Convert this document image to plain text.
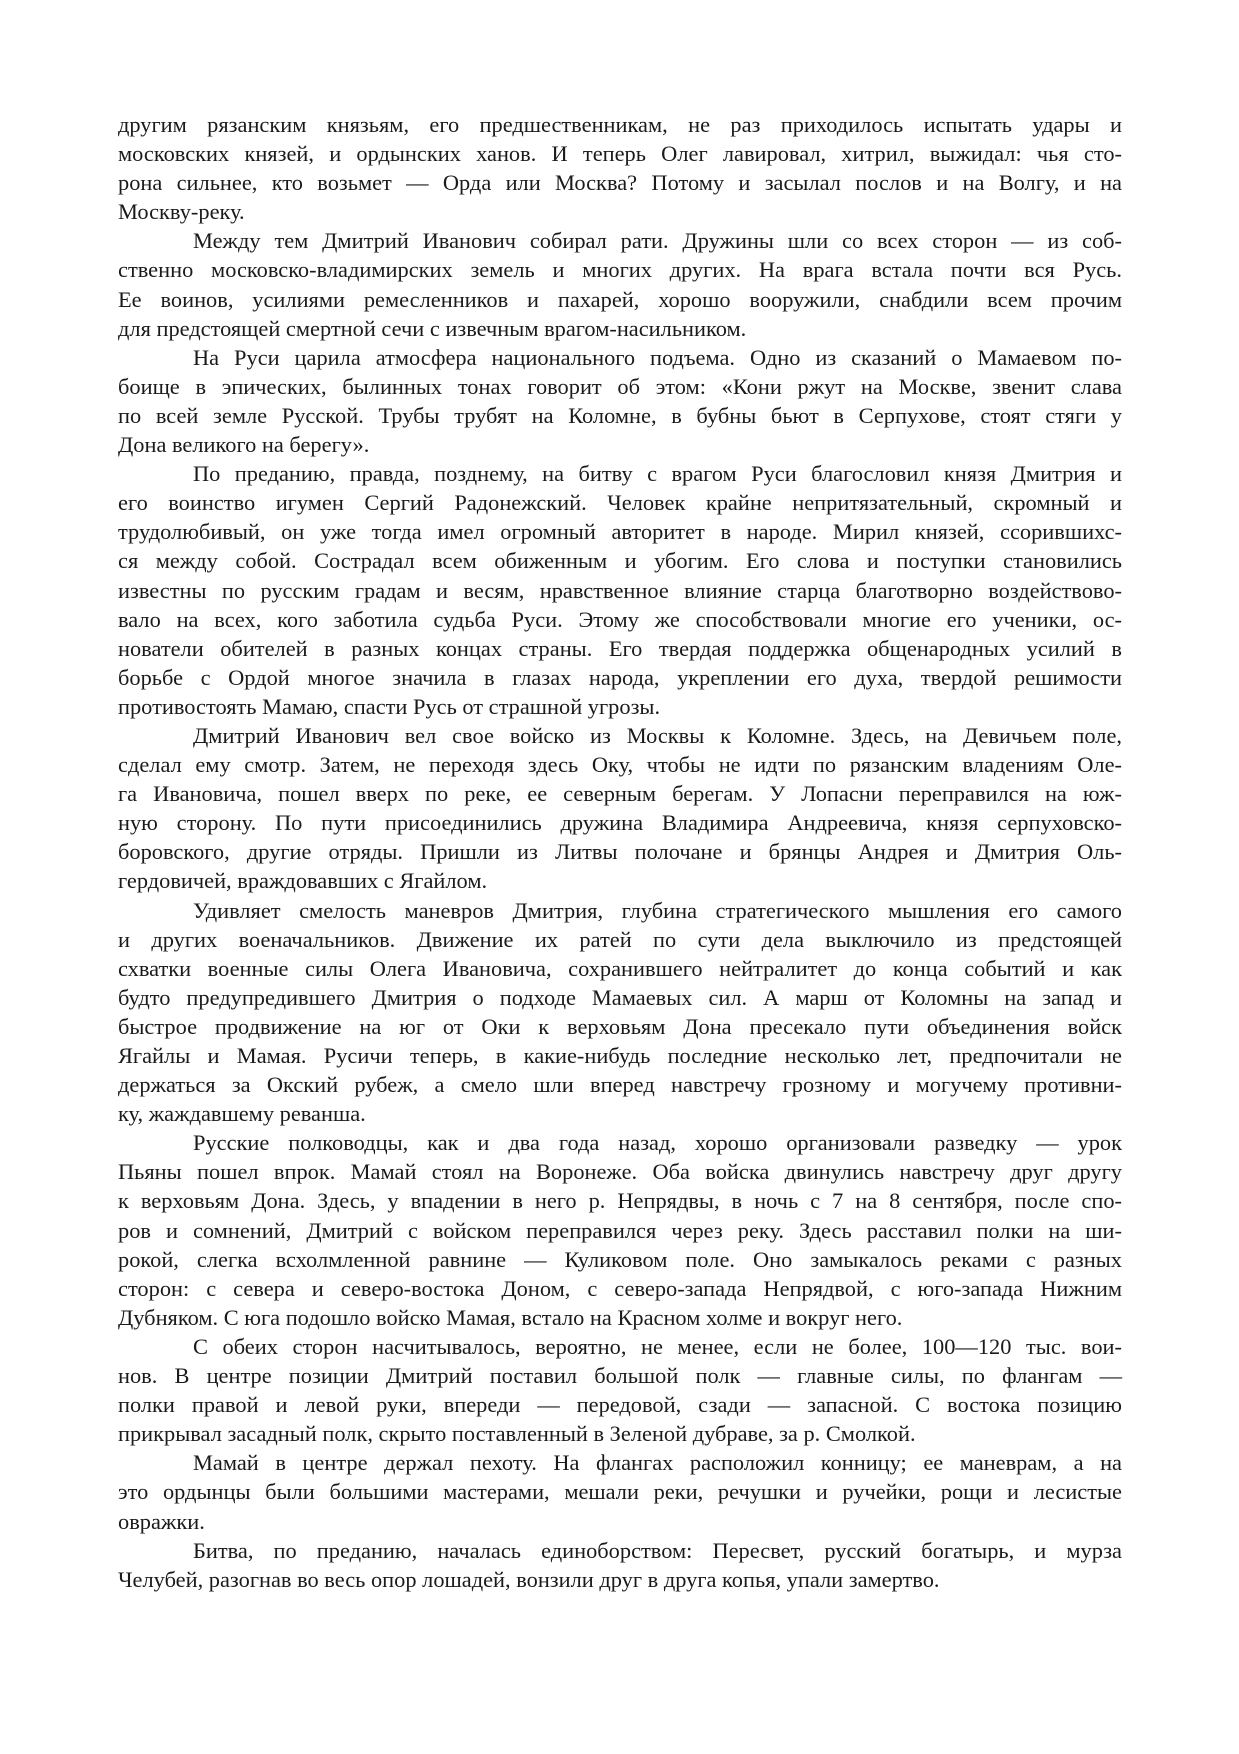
другим рязанским князьям, его предшественникам, не раз приходилось испытать удары и
московских князей, и ордынских ханов. И теперь Олег лавировал, хитрил, выжидал: чья сто-
рона сильнее, кто возьмет — Орда или Москва? Потому и засылал послов и на Волгу, и на
Москву-реку.

Между тем Дмитрий Иванович собирал рати. Дружины шли со всех сторон — из соб-
ственно московско-владимирских земель и многих других. На врага встала почти вся Русь.
Ее воинов, усилиями ремесленников и пахарей, хорошо вооружили, снабдили всем прочим
для предстоящей смертной сечи с извечным врагом-насильником.

На Руси царила атмосфера национального подъема. Одно из сказаний о Мамаевом по-
боище в эпических, былинных тонах говорит об этом: «Кони ржут на Москве, звенит слава
по всей земле Русской. Трубы трубят на Коломне, в бубны бьют в Серпухове, стоят стяги у
Дона великого на берегу».

По преданию, правда, позднему, на битву с врагом Руси благословил князя Дмитрия и
его воинство игумен Сергий Радонежский. Человек крайне непритязательный, скромный и
трудолюбивый, он уже тогда имел огромный авторитет в народе. Мирил князей, ссорившихс-
ся между собой. Сострадал всем обиженным и убогим. Его слова и поступки становились
известны по русским градам и весям, нравственное влияние старца благотворно воздействово-
вало на всех, кого заботила судьба Руси. Этому же способствовали многие его ученики, ос-
нователи обителей в разных концах страны. Его твердая поддержка общенародных усилий в
борьбе с Ордой многое значила в глазах народа, укреплении его духа, твердой решимости
противостоять Мамаю, спасти Русь от страшной угрозы.

Дмитрий Иванович вел свое войско из Москвы к Коломне. Здесь, на Девичьем поле,
сделал ему смотр. Затем, не переходя здесь Оку, чтобы не идти по рязанским владениям Оле-
га Ивановича, пошел вверх по реке, ее северным берегам. У Лопасни переправился на юж-
ную сторону. По пути присоединились дружина Владимира Андреевича, князя серпуховско-
боровского, другие отряды. Пришли из Литвы полочане и брянцы Андрея и Дмитрия Оль-
гердовичей, враждовавших с Ягайлом.

Удивляет смелость маневров Дмитрия, глубина стратегического мышления его самого
и других военачальников. Движение их ратей по сути дела выключило из предстоящей
схватки военные силы Олега Ивановича, сохранившего нейтралитет до конца событий и как
будто предупредившего Дмитрия о подходе Мамаевых сил. А марш от Коломны на запад и
быстрое продвижение на юг от Оки к верховьям Дона пресекало пути объединения войск
Ягайлы и Мамая. Русичи теперь, в какие-нибудь последние несколько лет, предпочитали не
держаться за Окский рубеж, а смело шли вперед навстречу грозному и могучему противни-
ку, жаждавшему реванша.

Русские полководцы, как и два года назад, хорошо организовали разведку — урок
Пьяны пошел впрок. Мамай стоял на Воронеже. Оба войска двинулись навстречу друг другу
к верховьям Дона. Здесь, у впадении в него р. Непрядвы, в ночь с 7 на 8 сентября, после спо-
ров и сомнений, Дмитрий с войском переправился через реку. Здесь расставил полки на ши-
рокой, слегка всхолмленной равнине — Куликовом поле. Оно замыкалось реками с разных
сторон: с севера и северо-востока Доном, с северо-запада Непрядвой, с юго-запада Нижним
Дубняком. С юга подошло войско Мамая, встало на Красном холме и вокруг него.

С обеих сторон насчитывалось, вероятно, не менее, если не более, 100—120 тыс. вои-
нов. В центре позиции Дмитрий поставил большой полк — главные силы, по флангам —
полки правой и левой руки, впереди — передовой, сзади — запасной. С востока позицию
прикрывал засадный полк, скрыто поставленный в Зеленой дубраве, за р. Смолкой.

Мамай в центре держал пехоту. На флангах расположил конницу; ее маневрам, а на
это ордынцы были большими мастерами, мешали реки, речушки и ручейки, рощи и лесистые
овражки.

Битва, по преданию, началась единоборством: Пересвет, русский богатырь, и мурза
Челубей, разогнав во весь опор лошадей, вонзили друг в друга копья, упали замертво.
